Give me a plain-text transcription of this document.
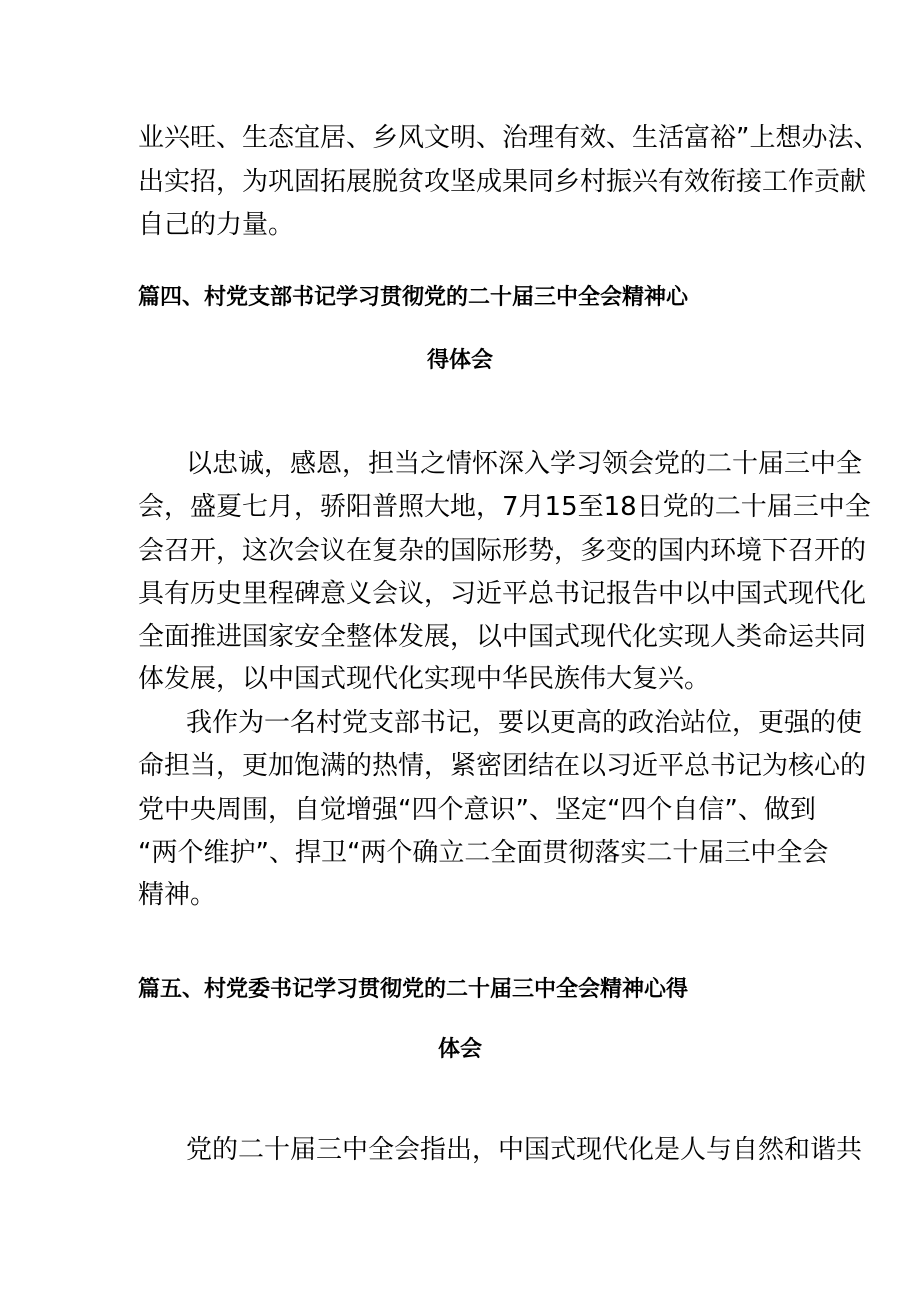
业兴旺、生态宜居、乡风文明、治理有效、生活富裕”上想办法、
出实招，为巩固拓展脱贫攻坚成果同乡村振兴有效衔接工作贡献
自己的力量。
篇四、村党支部书记学习贯彻党的二十届三中全会精神心
得体会
以忠诚，感恩，担当之情怀深入学习领会党的二十届三中全
会，盛夏七月，骄阳普照大地，7月15至18日党的二十届三中全
会召开，这次会议在复杂的国际形势，多变的国内环境下召开的
具有历史里程碑意义会议，习近平总书记报告中以中国式现代化
全面推进国家安全整体发展，以中国式现代化实现人类命运共同
体发展，以中国式现代化实现中华民族伟大复兴。
我作为一名村党支部书记，要以更高的政治站位，更强的使
命担当，更加饱满的热情，紧密团结在以习近平总书记为核心的
党中央周围，自觉增强“四个意识”、坚定“四个自信”、做到
“两个维护”、捍卫“两个确立二全面贯彻落实二十届三中全会
精神。
篇五、村党委书记学习贯彻党的二十届三中全会精神心得
体会
党的二十届三中全会指出，中国式现代化是人与自然和谐共
